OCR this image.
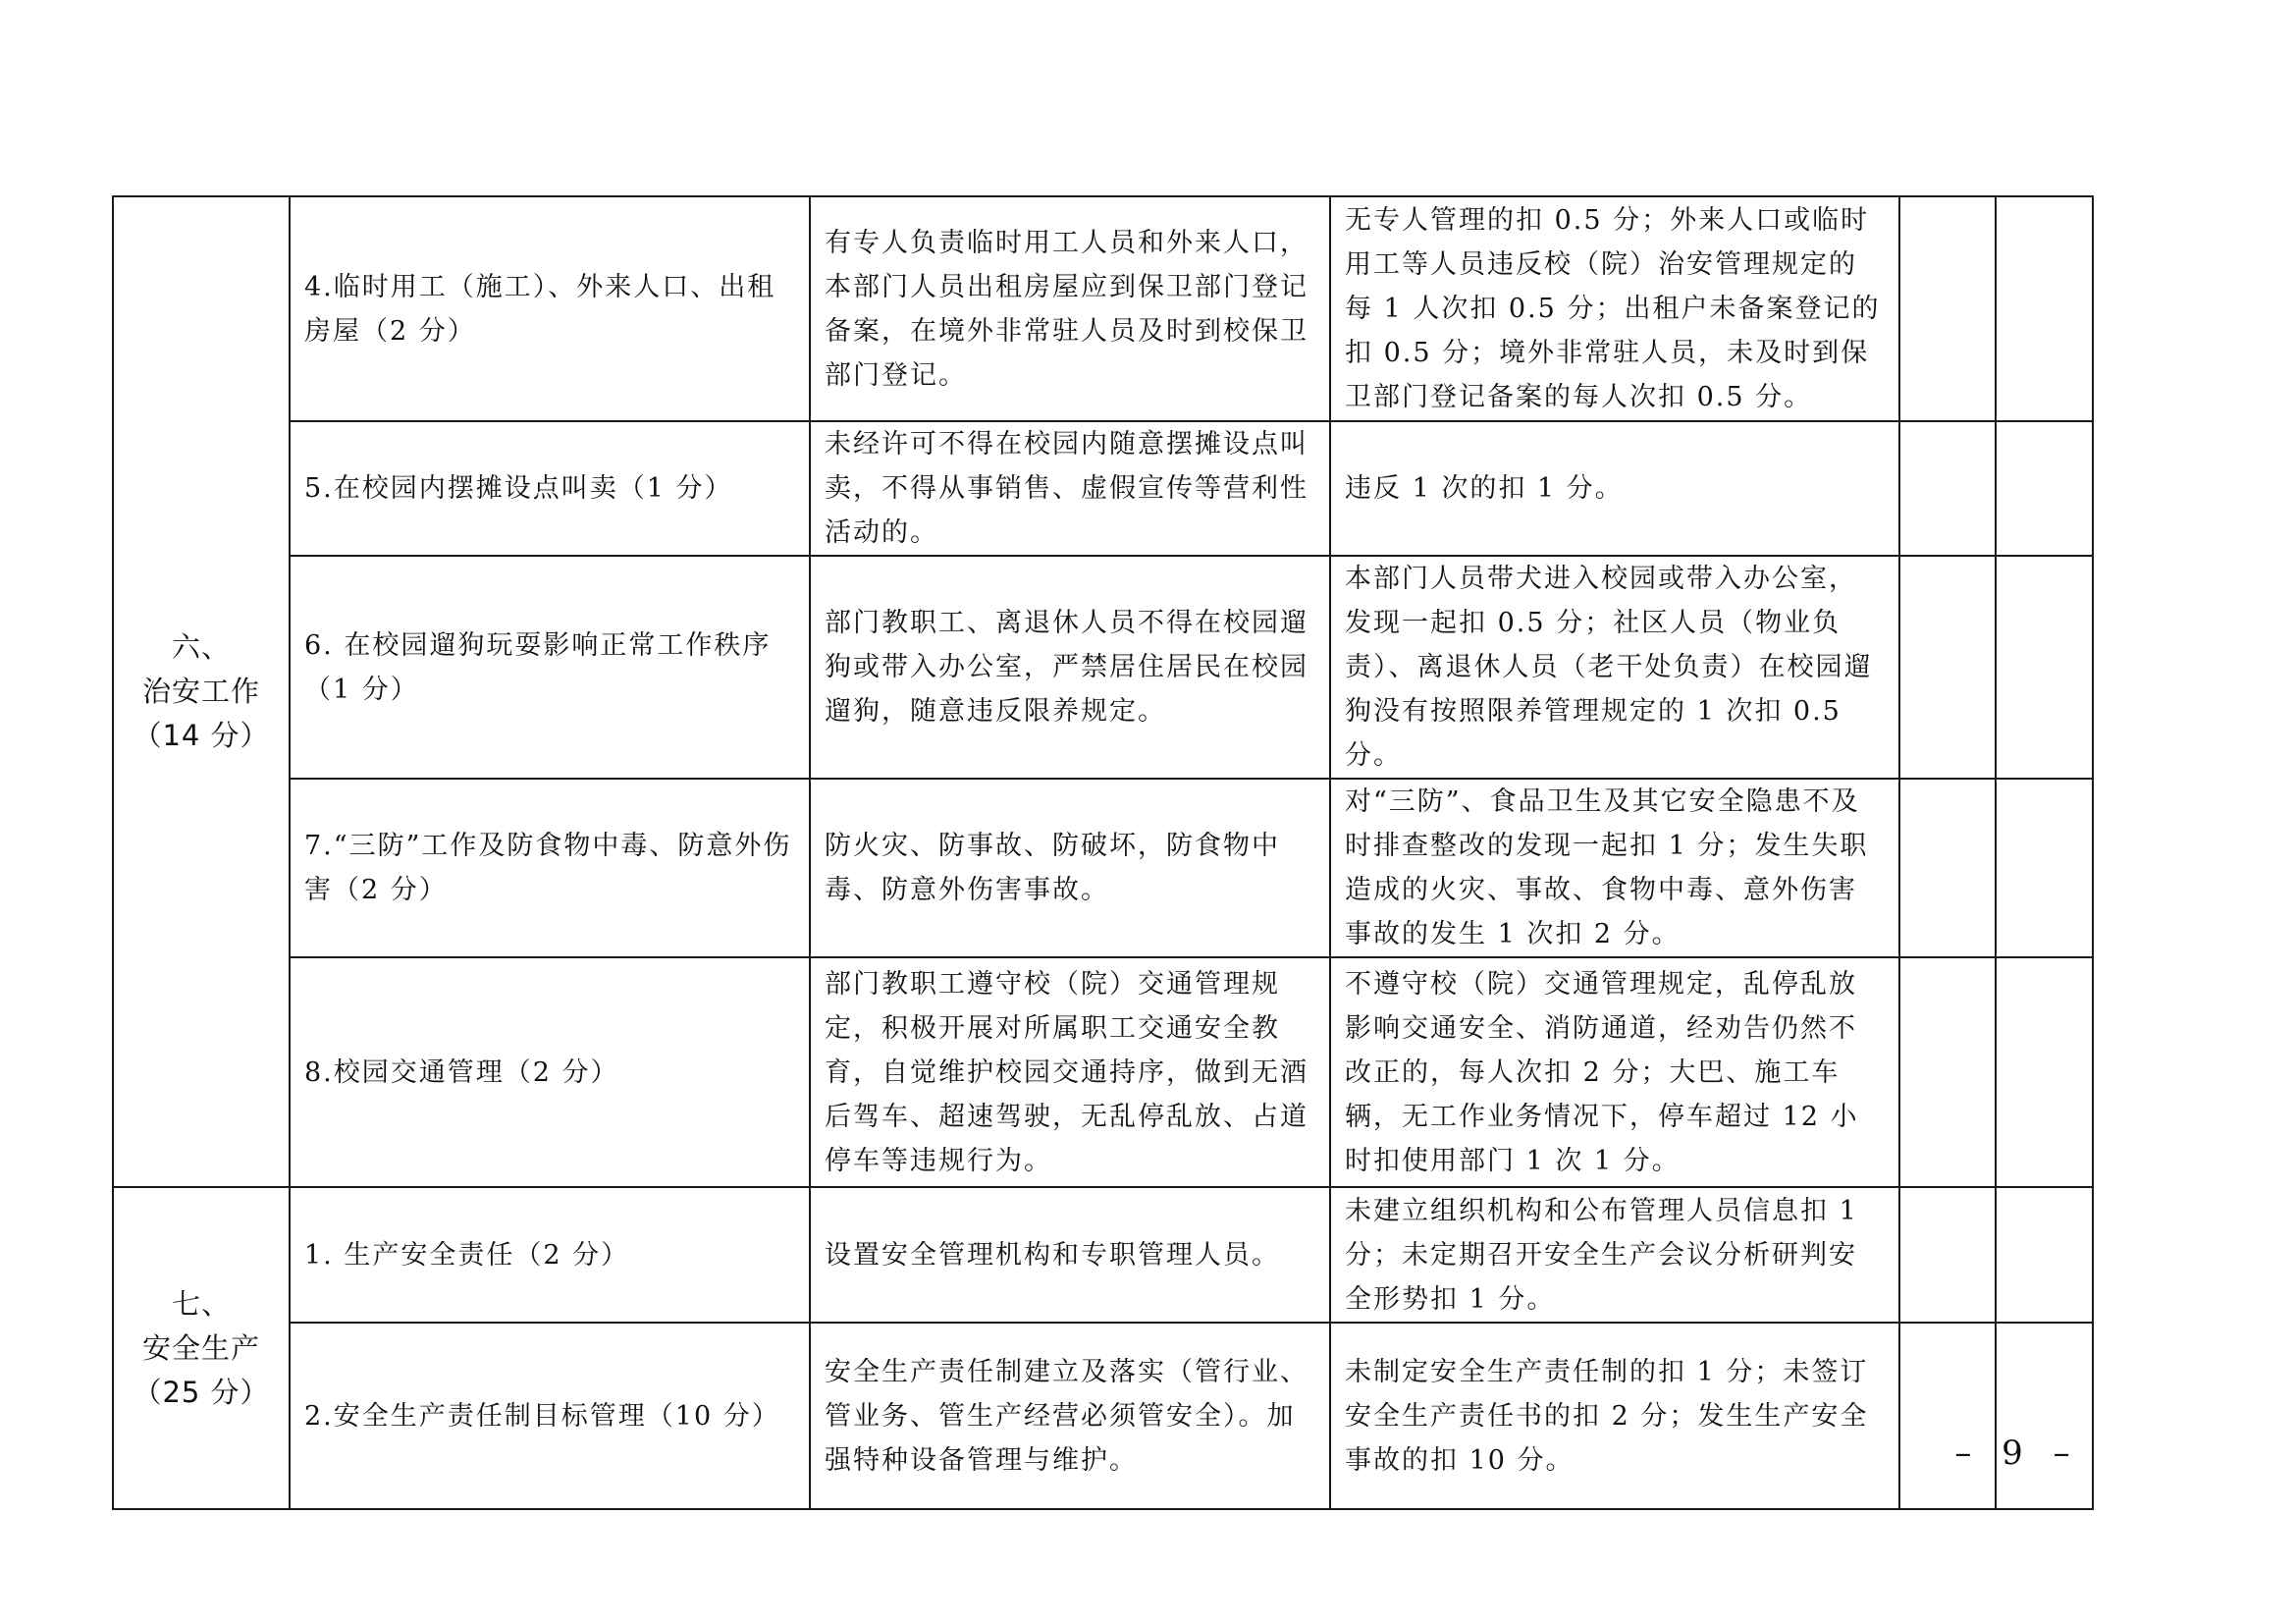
六、
治安工作
（14 分）	4.临时用工（施工）、外来人口、出租房屋（2 分）	有专人负责临时用工人员和外来人口，本部门人员出租房屋应到保卫部门登记备案，在境外非常驻人员及时到校保卫部门登记。	无专人管理的扣 0.5 分；外来人口或临时用工等人员违反校（院）治安管理规定的每 1 人次扣 0.5 分；出租户未备案登记的扣 0.5 分；境外非常驻人员，未及时到保卫部门登记备案的每人次扣 0.5 分。		
	5.在校园内摆摊设点叫卖（1 分）	未经许可不得在校园内随意摆摊设点叫卖，不得从事销售、虚假宣传等营利性活动的。	违反 1 次的扣 1 分。		
	6. 在校园遛狗玩耍影响正常工作秩序（1 分）	部门教职工、离退休人员不得在校园遛狗或带入办公室，严禁居住居民在校园遛狗，随意违反限养规定。	本部门人员带犬进入校园或带入办公室，发现一起扣 0.5 分；社区人员（物业负责）、离退休人员（老干处负责）在校园遛狗没有按照限养管理规定的 1 次扣 0.5 分。		
	7.“三防”工作及防食物中毒、防意外伤害（2 分）	防火灾、防事故、防破坏，防食物中毒、防意外伤害事故。	对“三防”、食品卫生及其它安全隐患不及时排查整改的发现一起扣 1 分；发生失职造成的火灾、事故、食物中毒、意外伤害事故的发生 1 次扣 2 分。		
	8.校园交通管理（2 分）	部门教职工遵守校（院）交通管理规定，积极开展对所属职工交通安全教育，自觉维护校园交通持序，做到无酒后驾车、超速驾驶，无乱停乱放、占道停车等违规行为。	不遵守校（院）交通管理规定，乱停乱放影响交通安全、消防通道，经劝告仍然不改正的，每人次扣 2 分；大巴、施工车辆，无工作业务情况下，停车超过 12 小时扣使用部门 1 次 1 分。		

七、
安全生产
（25 分）	1. 生产安全责任（2 分）	设置安全管理机构和专职管理人员。	未建立组织机构和公布管理人员信息扣 1 分；未定期召开安全生产会议分析研判安全形势扣 1 分。		
	2.安全生产责任制目标管理（10 分）	安全生产责任制建立及落实（管行业、管业务、管生产经营必须管安全）。加强特种设备管理与维护。	未制定安全生产责任制的扣 1 分；未签订安全生产责任书的扣 2 分；发生生产安全事故的扣 10 分。			– 9 –
